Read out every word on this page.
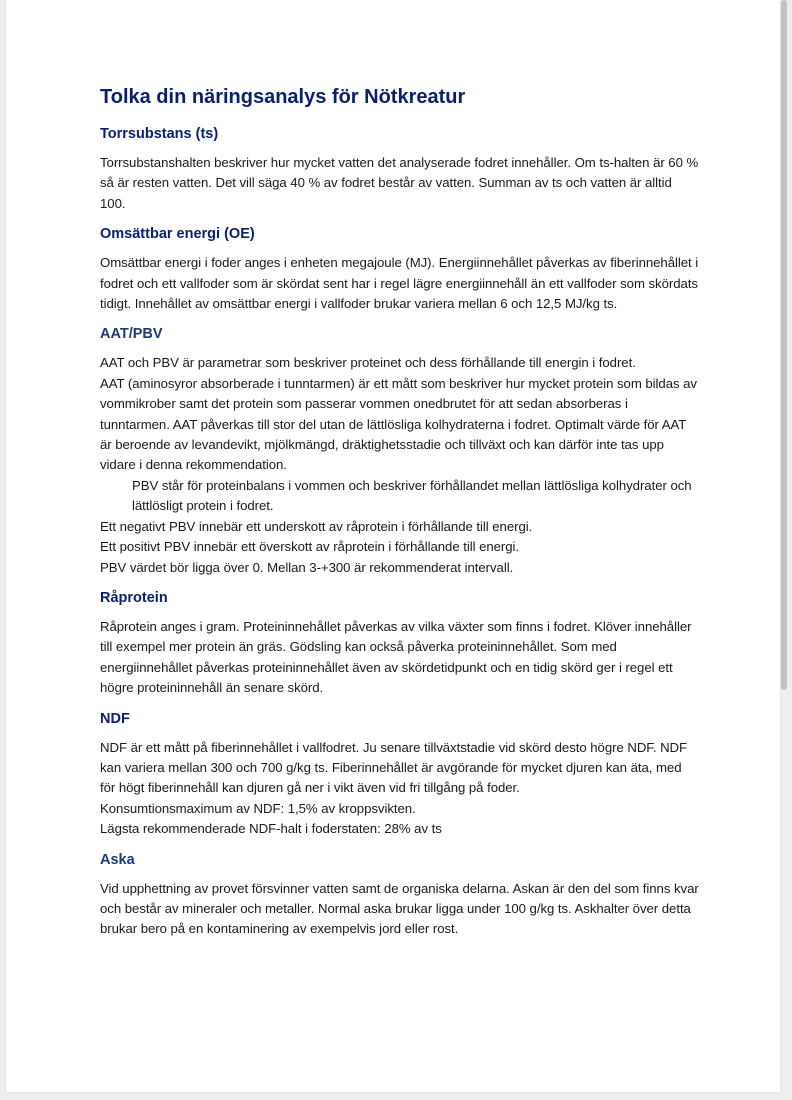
Tolka din näringsanalys för Nötkreatur
Torrsubstans (ts)

Torrsubstanshalten beskriver hur mycket vatten det analyserade fodret innehåller. Om ts-halten är 60 % så är resten vatten. Det vill säga 40 % av fodret består av vatten. Summan av ts och vatten är alltid 100.

Omsättbar energi (OE)

Omsättbar energi i foder anges i enheten megajoule (MJ). Energiinnehållet påverkas av fiberinnehållet i fodret och ett vallfoder som är skördat sent har i regel lägre energiinnehåll än ett vallfoder som skördats tidigt. Innehållet av omsättbar energi i vallfoder brukar variera mellan 6 och 12,5 MJ/kg ts.

AAT/PBV

AAT och PBV är parametrar som beskriver proteinet och dess förhållande till energin i fodret.
AAT (aminosyror absorberade i tunntarmen) är ett mått som beskriver hur mycket protein som bildas av vommikrober samt det protein som passerar vommen onedbrutet för att sedan absorberas i tunntarmen. AAT påverkas till stor del utan de lättlösliga kolhydraterna i fodret. Optimalt värde för AAT är beroende av levandevikt, mjölkmängd, dräktighetsstadie och tillväxt och kan därför inte tas upp vidare i denna rekommendation.
PBV står för proteinbalans i vommen och beskriver förhållandet mellan lättlösliga kolhydrater och lättlösligt protein i fodret.
Ett negativt PBV innebär ett underskott av råprotein i förhållande till energi.
Ett positivt PBV innebär ett överskott av råprotein i förhållande till energi.
PBV värdet bör ligga över 0. Mellan 3-+300 är rekommenderat intervall.

Råprotein

Råprotein anges i gram. Proteininnehållet påverkas av vilka växter som finns i fodret. Klöver innehåller till exempel mer protein än gräs. Gödsling kan också påverka proteininnehållet. Som med energiinnehållet påverkas proteininnehållet även av skördetidpunkt och en tidig skörd ger i regel ett högre proteininnehåll än senare skörd.

NDF

NDF är ett mått på fiberinnehållet i vallfodret. Ju senare tillväxtstadie vid skörd desto högre NDF. NDF kan variera mellan 300 och 700 g/kg ts. Fiberinnehållet är avgörande för mycket djuren kan äta, med för högt fiberinnehåll kan djuren gå ner i vikt även vid fri tillgång på foder.
Konsumtionsmaximum av NDF: 1,5% av kroppsvikten.
Lägsta rekommenderade NDF-halt i foderstaten: 28% av ts

Aska

Vid upphettning av provet försvinner vatten samt de organiska delarna. Askan är den del som finns kvar och består av mineraler och metaller. Normal aska brukar ligga under 100 g/kg ts. Askhalter över detta brukar bero på en kontaminering av exempelvis jord eller rost.
